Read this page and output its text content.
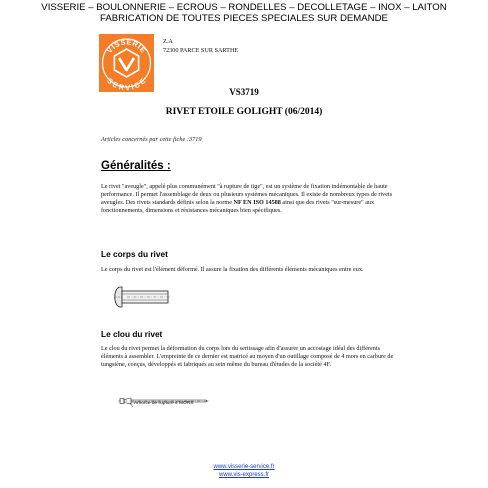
VISSERIE – BOULONNERIE – ECROUS – RONDELLES – DECOLLETAGE – INOX – LAITON
FABRICATION DE TOUTES PIECES SPECIALES SUR DEMANDE
VISSERIE
SERVICE
Z.A
72300 PARCE SUR SARTHE
VS3719
RIVET ETOILE GOLIGHT (06/2014)
Articles concernés par cette fiche :3719
Généralités :

Le rivet "aveugle", appelé plus communément "à rupture de tige", est un système de fixation indémontable de haute performance. Il permet l'assemblage de deux ou plusieurs systèmes mécaniques. Il existe de nombreux types de rivets aveugles. Des rivets standards définis selon la norme NF EN ISO 14588 ainsi que des rivets "sur-mesure" aux fonctionnements, dimensions et résistances mécaniques bien spécifiques.

Le corps du rivet

Le corps du rivet est l'élément déformé. Il assure la fixation des différents éléments mécaniques entre eux.

Le clou du rivet

Le clou du rivet permet la déformation du corps lors du sertissage afin d'assurer un accostage idéal des différents éléments à assembler. L'empreinte de ce dernier est matricé au moyen d'un outillage composé de 4 mors en carbure de tungstène, conçus, développés et fabriqués au sein même du bureau d'études de la société 4F.

Amorce de rupture 4 MORS
www.visserie-service.fr
www.vis-express.fr
